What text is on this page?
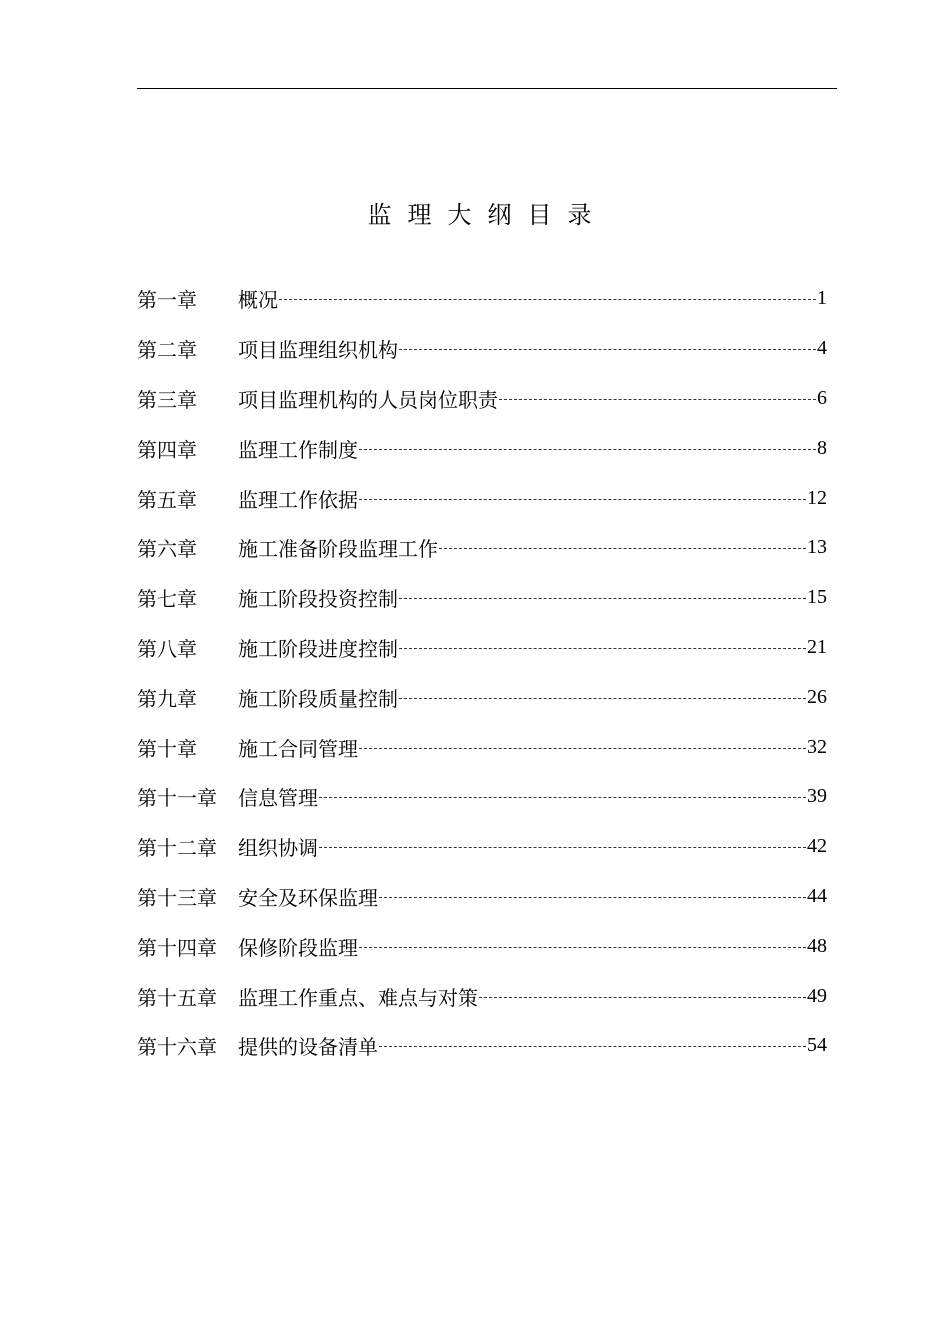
监理大纲目录
第一章	概况	1
第二章	项目监理组织机构	4
第三章	项目监理机构的人员岗位职责	6
第四章	监理工作制度	8
第五章	监理工作依据	12
第六章	施工准备阶段监理工作	13
第七章	施工阶段投资控制	15
第八章	施工阶段进度控制	21
第九章	施工阶段质量控制	26
第十章	施工合同管理	32
第十一章	信息管理	39
第十二章	组织协调	42
第十三章	安全及环保监理	44
第十四章	保修阶段监理	48
第十五章	监理工作重点、难点与对策	49
第十六章	提供的设备清单	54
